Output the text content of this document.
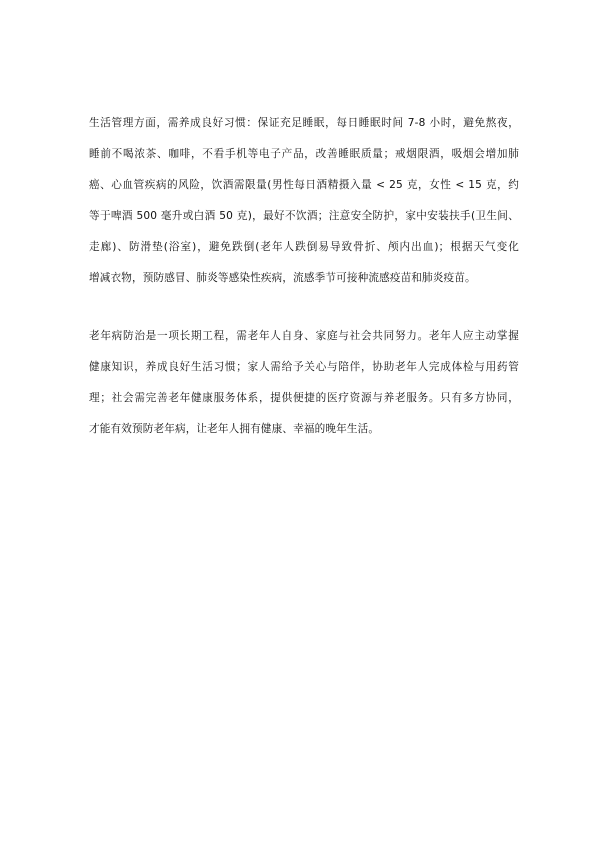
生活管理方面，需养成良好习惯：保证充足睡眠，每日睡眠时间 7-8 小时，避免熬夜，
睡前不喝浓茶、咖啡，不看手机等电子产品，改善睡眠质量；戒烟限酒，吸烟会增加肺
癌、心血管疾病的风险，饮酒需限量(男性每日酒精摄入量 < 25 克，女性 < 15 克，约
等于啤酒 500 毫升或白酒 50 克)，最好不饮酒；注意安全防护，家中安装扶手(卫生间、
走廊)、防滑垫(浴室)，避免跌倒(老年人跌倒易导致骨折、颅内出血)；根据天气变化
增减衣物，预防感冒、肺炎等感染性疾病，流感季节可接种流感疫苗和肺炎疫苗。
老年病防治是一项长期工程，需老年人自身、家庭与社会共同努力。老年人应主动掌握
健康知识，养成良好生活习惯；家人需给予关心与陪伴，协助老年人完成体检与用药管
理；社会需完善老年健康服务体系，提供便捷的医疗资源与养老服务。只有多方协同，
才能有效预防老年病，让老年人拥有健康、幸福的晚年生活。
